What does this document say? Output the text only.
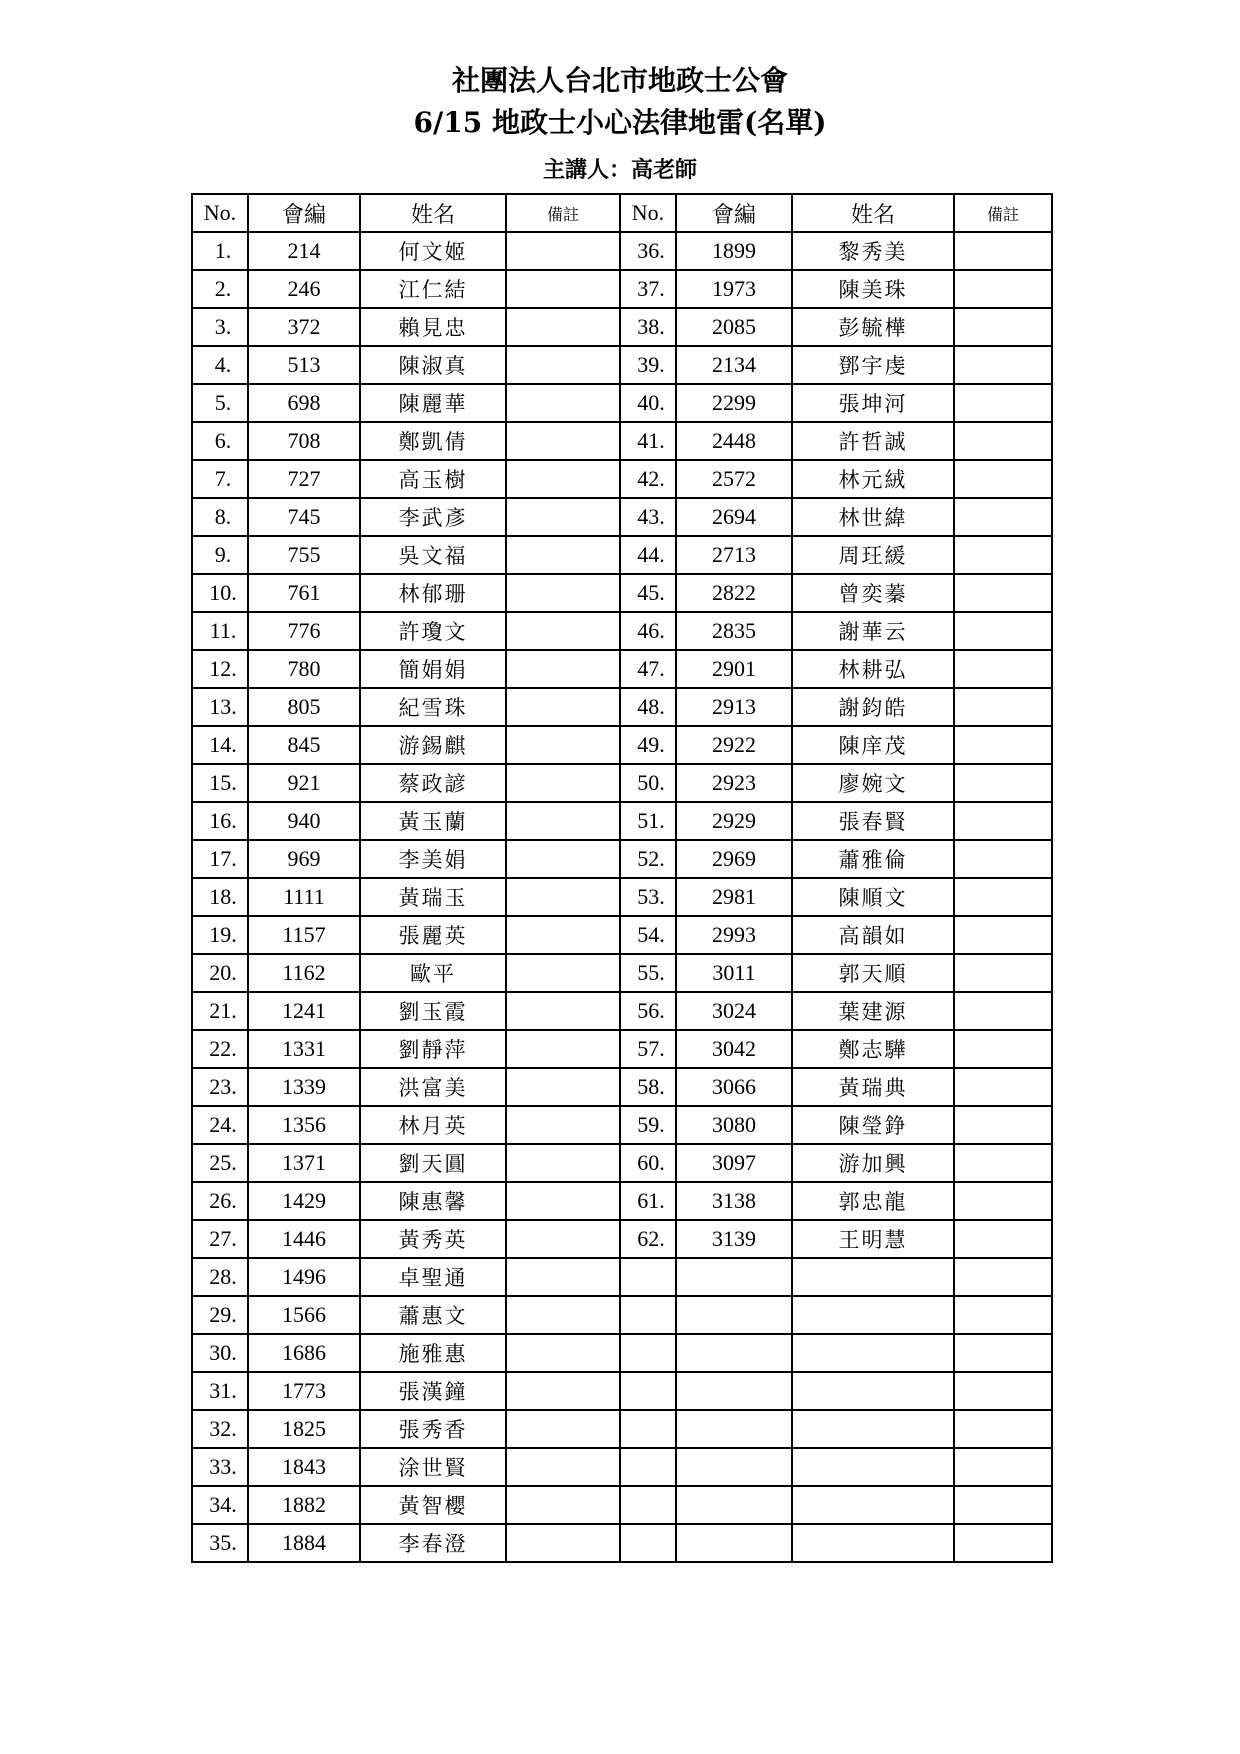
社團法人台北市地政士公會
6/15 地政士小心法律地雷(名單)
主講人：高老師
No.	會編	姓名	備註	No.	會編	姓名	備註
1.	214	何文姬		36.	1899	黎秀美	
2.	246	江仁結		37.	1973	陳美珠	
3.	372	賴見忠		38.	2085	彭毓樺	
4.	513	陳淑真		39.	2134	鄧宇虔	
5.	698	陳麗華		40.	2299	張坤河	
6.	708	鄭凱倩		41.	2448	許哲誠	
7.	727	高玉樹		42.	2572	林元絨	
8.	745	李武彥		43.	2694	林世緯	
9.	755	吳文福		44.	2713	周玨緩	
10.	761	林郁珊		45.	2822	曾奕蓁	
11.	776	許瓊文		46.	2835	謝華云	
12.	780	簡娟娟		47.	2901	林耕弘	
13.	805	紀雪珠		48.	2913	謝鈞皓	
14.	845	游錫麒		49.	2922	陳庠茂	
15.	921	蔡政諺		50.	2923	廖婉文	
16.	940	黃玉蘭		51.	2929	張春賢	
17.	969	李美娟		52.	2969	蕭雅倫	
18.	1111	黃瑞玉		53.	2981	陳順文	
19.	1157	張麗英		54.	2993	高韻如	
20.	1162	歐平		55.	3011	郭天順	
21.	1241	劉玉霞		56.	3024	葉建源	
22.	1331	劉靜萍		57.	3042	鄭志驊	
23.	1339	洪富美		58.	3066	黃瑞典	
24.	1356	林月英		59.	3080	陳瑩錚	
25.	1371	劉天圓		60.	3097	游加興	
26.	1429	陳惠馨		61.	3138	郭忠龍	
27.	1446	黃秀英		62.	3139	王明慧	
28.	1496	卓聖通					
29.	1566	蕭惠文					
30.	1686	施雅惠					
31.	1773	張漢鐘					
32.	1825	張秀香					
33.	1843	涂世賢					
34.	1882	黃智櫻					
35.	1884	李春澄					
